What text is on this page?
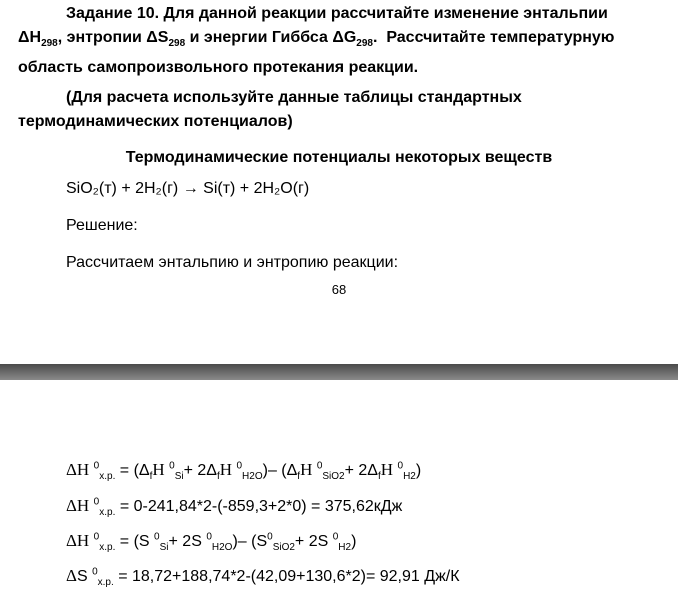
Задание 10. Для данной реакции рассчитайте изменение энтальпии
$\Delta H_{298}$, энтропии $\Delta S_{298}$ и энергии Гиббса $\Delta G_{298}$.  Рассчитайте температурную
область самопроизвольного протекания реакции.
(Для расчета используйте данные таблицы стандартных
термодинамических потенциалов)
Термодинамические потенциалы некоторых веществ
SiO₂(т) + 2H₂(г) → Si(т) + 2H₂O(г)
Решение:
Рассчитаем энтальпию и энтропию реакции:
68
ΔH $^0_{х.р.} = (\Delta_fH$ $^0_{Si}+ 2\Delta_fH$ $^0_{H2O}$)– ($\Delta_fH$ $^0_{SiO2}+ 2\Delta_fH$ $^0_{H2}$)
ΔH $^0_{х.р.}$ = 0-241,84*2-(-859,3+2*0) = 375,62кДж
ΔH $^0_{х.р.}$ = (S $^0_{Si}$+ 2S $^0_{H2O}$)– ($S^0_{SiO2}+ 2S$ $^0_{H2}$)
ΔS $^0_{х.р.}$ = 18,72+188,74*2-(42,09+130,6*2)= 92,91 Дж/К
